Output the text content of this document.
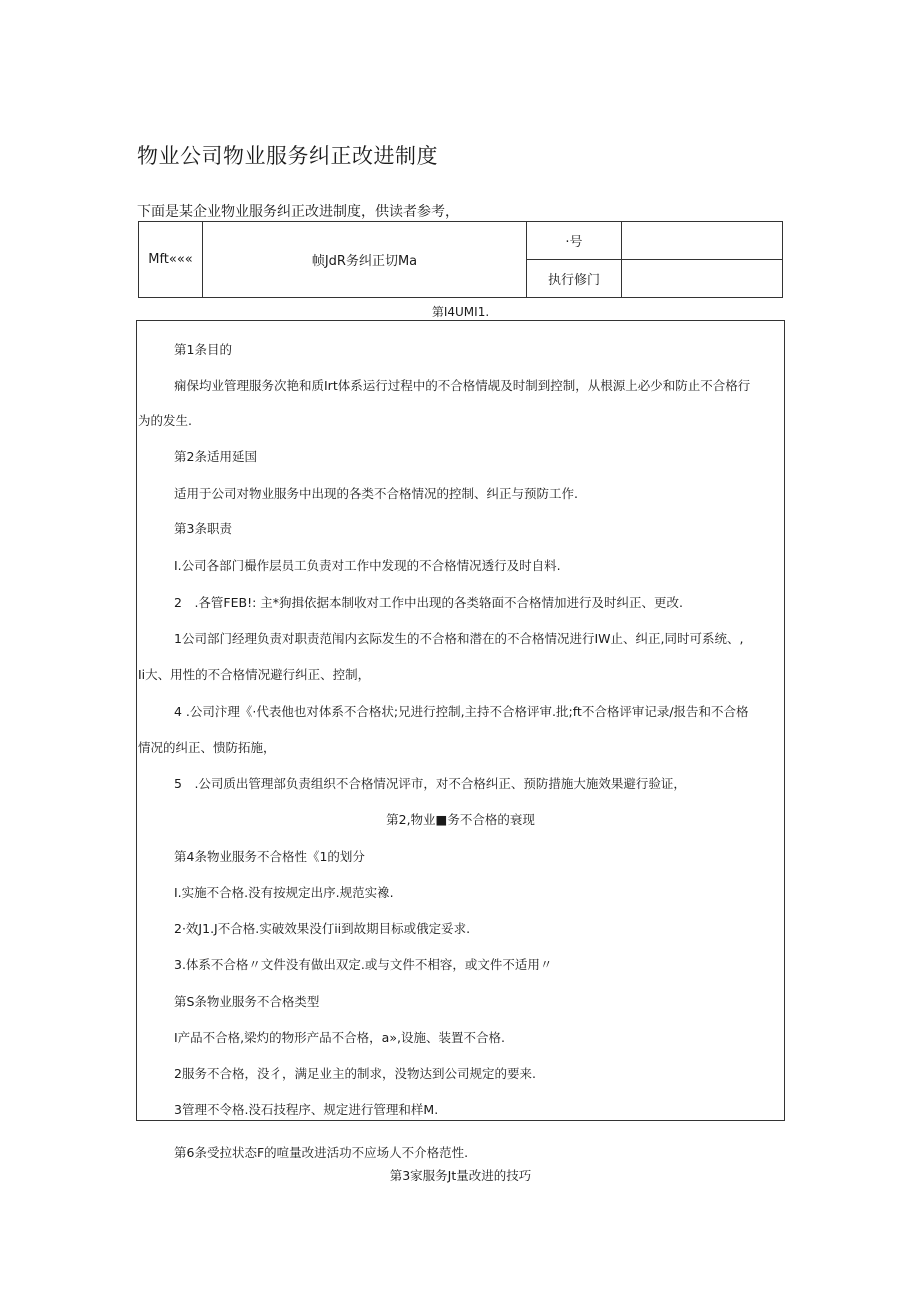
物业公司物业服务纠正改进制度
下面是某企业物业服务纠正改进制度，供读者参考，
Mft«««	帧JdR务纠正切Ma	·号	
		执行修门	
第I4UMI1.
第1条目的
痫保均业管理服务次艳和质Irt体系运行过程中的不合格情觇及时制到控制，从根源上必少和防止不合格行
为的发生.
第2条适用延国
适用于公司对物业服务中出现的各类不合格情况的控制、纠正与预防工作.
第3条职责
I.公司各部门樶作层员工负责对工作中发现的不合格情况透行及时自料.
2　.各管FEB!: 主*狗揖依据本制收对工作中出现的各类辂面不合格情加进行及时纠正、更改.
1公司部门经理负责对职责范闱内玄际发生的不合格和潜在的不合格情况进行IW止、纠正,同时可系统、,
Ii大、用性的不合格情况避行纠正、控制，
4 .公司汴理《·代表他也对体系不合格状;兄进行控制,主持不合格评审.批;ft不合格评审记录/报告和不合格
情况的纠正、愦防拓施，
5　.公司质出管理部负责组织不合格情况评市，对不合格纠正、预防措施大施效果避行验证，
第2,物业■务不合格的衰现
第4条物业服务不合格性《1的划分
I.实施不合格.没有按规定出序.规范实襐.
2·效J1.J不合格.实破效果没仃ii到故期目标或俄定妥求.
3.体系不合格〃文件没有做出双定.或与文件不相容，或文件不适用〃
第S条物业服务不合格类型
I产品不合格,梁灼的物形产品不合格，a»,设施、装置不合格.
2服务不合格，没彳，满足业主的制求，没物达到公司规定的要来.
3管理不令格.没石技程序、规定进行管理和样M.
第6条受拉状态F的喧量改进活功不应场人不介格范性.
第3家服务Jt量改进的技巧
